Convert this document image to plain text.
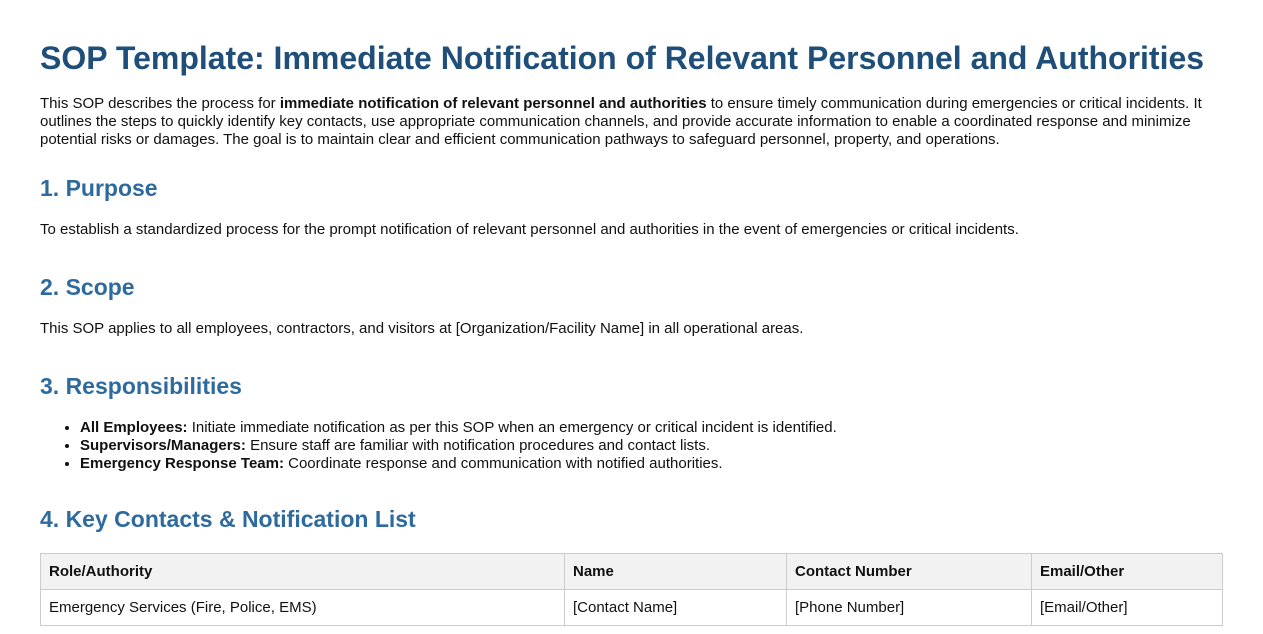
SOP Template: Immediate Notification of Relevant Personnel and Authorities

This SOP describes the process for immediate notification of relevant personnel and authorities to ensure timely communication during emergencies or critical incidents. It outlines the steps to quickly identify key contacts, use appropriate communication channels, and provide accurate information to enable a coordinated response and minimize potential risks or damages. The goal is to maintain clear and efficient communication pathways to safeguard personnel, property, and operations.

1. Purpose

To establish a standardized process for the prompt notification of relevant personnel and authorities in the event of emergencies or critical incidents.

2. Scope

This SOP applies to all employees, contractors, and visitors at [Organization/Facility Name] in all operational areas.

3. Responsibilities
• All Employees: Initiate immediate notification as per this SOP when an emergency or critical incident is identified.
• Supervisors/Managers: Ensure staff are familiar with notification procedures and contact lists.
• Emergency Response Team: Coordinate response and communication with notified authorities.
4. Key Contacts & Notification List
Role/Authority	Name	Contact Number	Email/Other
Emergency Services (Fire, Police, EMS)	[Contact Name]	[Phone Number]	[Email/Other]
